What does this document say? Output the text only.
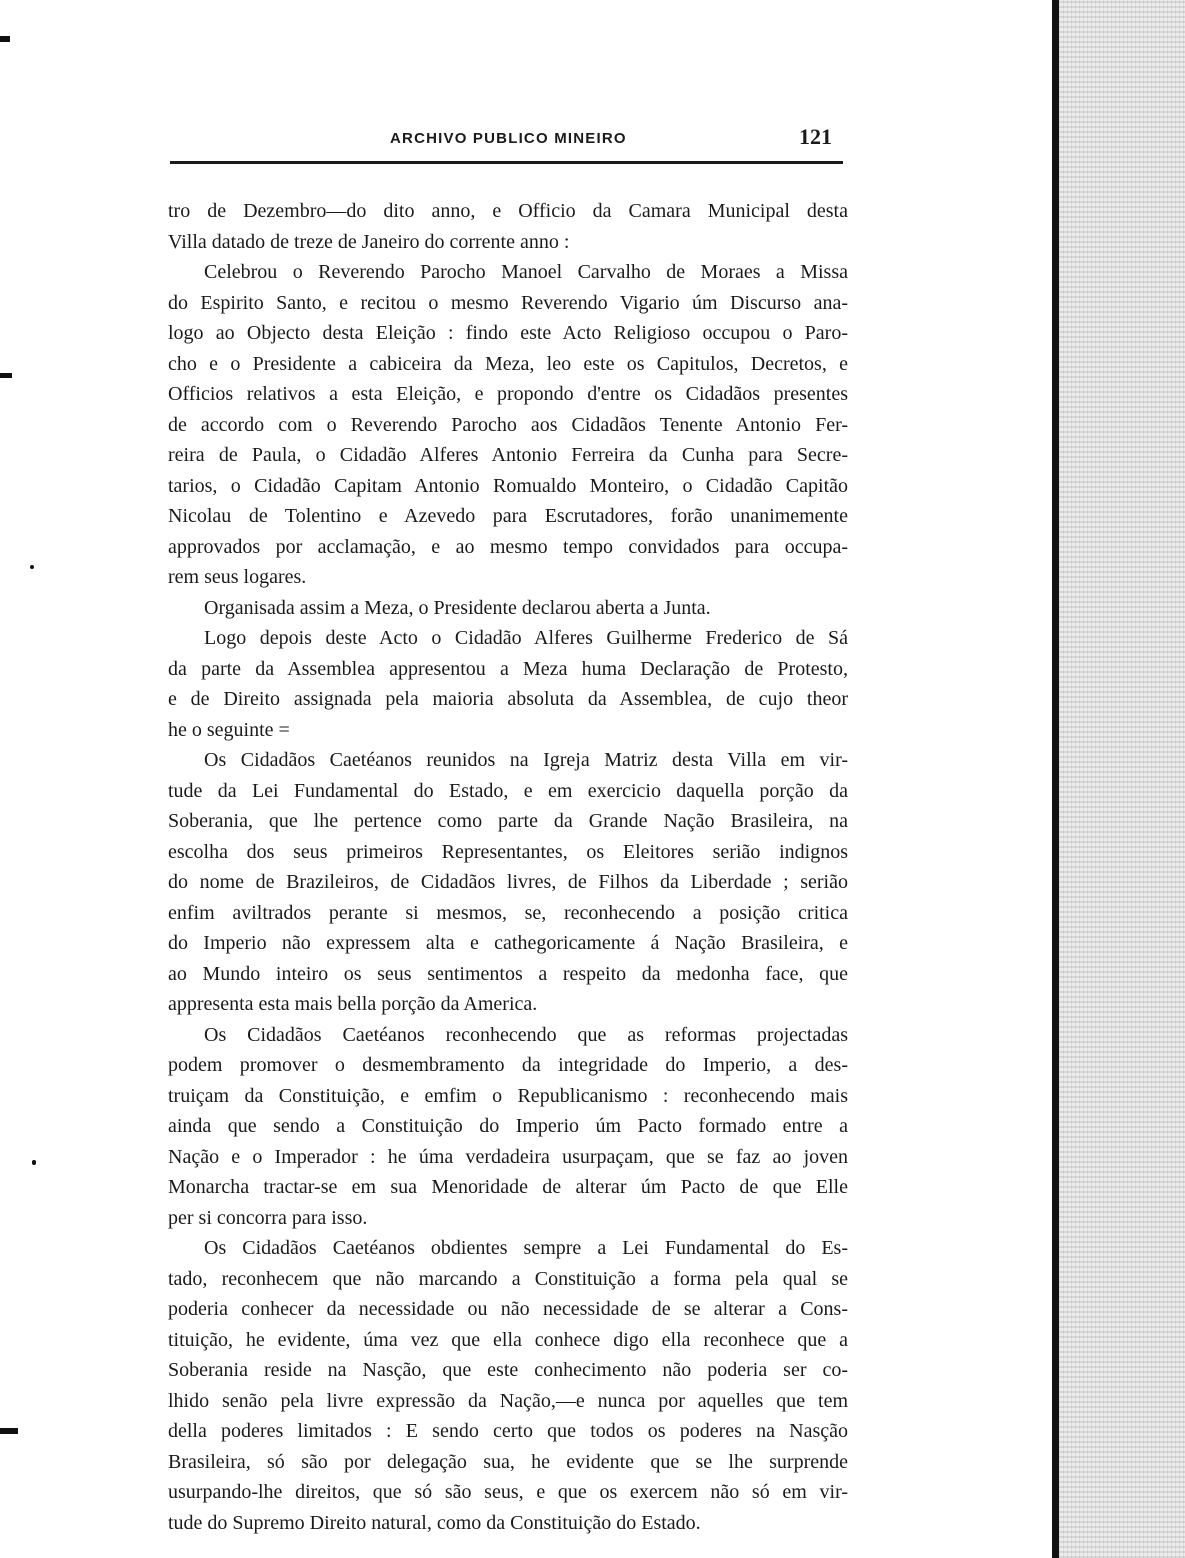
ARCHIVO PUBLICO MINEIRO	121
tro de Dezembro—do dito anno, e Officio da Camara Municipal desta
Villa datado de treze de Janeiro do corrente anno :
Celebrou o Reverendo Parocho Manoel Carvalho de Moraes a Missa
do Espirito Santo, e recitou o mesmo Reverendo Vigario úm Discurso ana-
logo ao Objecto desta Eleição : findo este Acto Religioso occupou o Paro-
cho e o Presidente a cabiceira da Meza, leo este os Capitulos, Decretos, e
Officios relativos a esta Eleição, e propondo d'entre os Cidadãos presentes
de accordo com o Reverendo Parocho aos Cidadãos Tenente Antonio Fer-
reira de Paula, o Cidadão Alferes Antonio Ferreira da Cunha para Secre-
tarios, o Cidadão Capitam Antonio Romualdo Monteiro, o Cidadão Capitão
Nicolau de Tolentino e Azevedo para Escrutadores, forão unanimemente
approvados por acclamação, e ao mesmo tempo convidados para occupa-
rem seus logares.
Organisada assim a Meza, o Presidente declarou aberta a Junta.
Logo depois deste Acto o Cidadão Alferes Guilherme Frederico de Sá
da parte da Assemblea appresentou a Meza huma Declaração de Protesto,
e de Direito assignada pela maioria absoluta da Assemblea, de cujo theor
he o seguinte =
Os Cidadãos Caetéanos reunidos na Igreja Matriz desta Villa em vir-
tude da Lei Fundamental do Estado, e em exercicio daquella porção da
Soberania, que lhe pertence como parte da Grande Nação Brasileira, na
escolha dos seus primeiros Representantes, os Eleitores serião indignos
do nome de Brazileiros, de Cidadãos livres, de Filhos da Liberdade ; serião
enfim aviltrados perante si mesmos, se, reconhecendo a posição critica
do Imperio não expressem alta e cathegoricamente á Nação Brasileira, e
ao Mundo inteiro os seus sentimentos a respeito da medonha face, que
appresenta esta mais bella porção da America.
Os Cidadãos Caetéanos reconhecendo que as reformas projectadas
podem promover o desmembramento da integridade do Imperio, a des-
truiçam da Constituição, e emfim o Republicanismo : reconhecendo mais
ainda que sendo a Constituição do Imperio úm Pacto formado entre a
Nação e o Imperador : he úma verdadeira usurpaçam, que se faz ao joven
Monarcha tractar-se em sua Menoridade de alterar úm Pacto de que Elle
per si concorra para isso.
Os Cidadãos Caetéanos obdientes sempre a Lei Fundamental do Es-
tado, reconhecem que não marcando a Constituição a forma pela qual se
poderia conhecer da necessidade ou não necessidade de se alterar a Cons-
tituição, he evidente, úma vez que ella conhece digo ella reconhece que a
Soberania reside na Nasção, que este conhecimento não poderia ser co-
lhido senão pela livre expressão da Nação,—e nunca por aquelles que tem
della poderes limitados : E sendo certo que todos os poderes na Nasção
Brasileira, só são por delegação sua, he evidente que se lhe surprende
usurpando-lhe direitos, que só são seus, e que os exercem não só em vir-
tude do Supremo Direito natural, como da Constituição do Estado.
